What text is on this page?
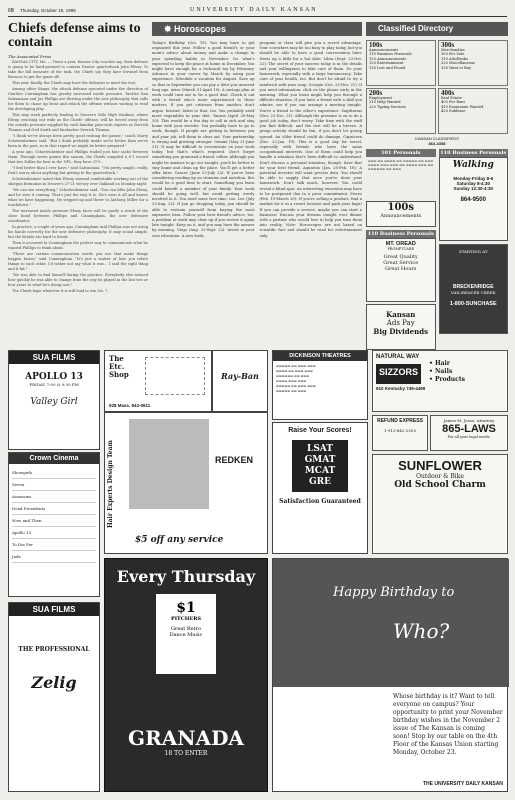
6B Thursday, October 19, 1995	UNIVERSITY DAILY KANSAN
Chiefs defense aims to contain
The Associated Press

KANSAS CITY, Mo. — Twice a year, Kansas City coaches say, their defense is going to be hard-pressed to contain Denver quarterback John Elway. To take the full measure of the task, the Chiefs say they have forward from Broncos to get the game off.

This year, finally, the Chiefs may have the defenses to meet the test.

Among other things, the attack defense sprouted under the direction of Gunther Cunningham has greatly increased inside pressure. Tackles Dan Saleaumua and Joe Phillips are thriving under the new philosophy that calls for them to chase up front and attack the offense without waiting to read the developing play.

This may work perfectly leading to Denver's Mile High Stadium, where Elway, reaching out wide as the Chiefs' offense, will be forced away from the outside pressure supplied by such familiar pass-rush experts as Derrick Thomas and Neil Smith and linebacker Derrick Thomas.

"I think we've always been pretty good rushing the passer," coach Marty Schottenheimer said. "But I think probably inside we're better than we've been in the past, so in that regard we might be better prepared."

A year ago, Schottenheimer and Phillips traded just four sacks between them. Through seven games this season, the Chiefs compiled a 6-1 record that ties Dallas for best in the NFL, they have 21½.

"I feel better than I ever have," said Saleaumua. "I'm pretty simple, really. Don't worry about anything but getting to the quarterback."

Schottenheimer noted that Elway seemed comfortable working out of the shotgun formation in Denver's 27-21 victory over Oakland on Monday night.

"He can see everything," Schottenheimer said. "You can blitz John Elway, and he sees it coming. That's just the way it is. He's seen it all and knows what we have happening. He stepped up and threw to Anthony Miller for a touchdown."

The increased inside pressure Elway faces will be partly a result of the close bond between Phillips and Cunningham, the new defensive coordinator.

In practice, a couple of years ago, Cunningham said Phillips was not using his hands correctly for the new defensive philosophy. It may sound simple, but the details are hard to break.

Then it occurred to Cunningham the perfect way to communicate what he wanted Phillips to think about.

"There are certain communication words you use that make things happen faster," said Cunningham. "It's just a matter of how you relate things to each other. I'd rather not say what it was... I said the right thing and it hit."

"He was able to find himself during the practice. Everybody else noticed how quickly he was able to change from the way he played in the last two or four years to what he's doing now."

The Chiefs hope whatever it is will lead to win No. 7.

✸ Horoscopes
Today's Birthday (Oct. 19): You may have to get organized this year. Follow a good friend's or your mom's advice about money and make a change in your spending habits in November. Do what's expected to keep the peace at home in December. You might have enough for a technical toy by February. Advance in your career by March by using your experience. Schedule a vacation for August. Save up so that in September you can pay a debt you incurred long ago. Aries (March 21-April 19): A savings plan at work could turn out to be a good deal. Check it out with a friend who's more experienced in those matters. If you get criticism from another, don't argue. Instead, listen to that, too. You probably need more vegetables in your diet. Taurus (April 20-May 20): This would be a fun day to call in sick and stay home with your sweetie. You probably have to go to work, though. If people are getting in between you and your job, tell them to clear out. Your partnership is strong and growing stronger. Gemini (May 21-June 21): It may be difficult to concentrate on your work today, but that's what's required. Don't forget something you promised a friend, either. Although you might be anxious to go out tonight, you'd be better to stay home and clean up the place. You'll get a better offer later. Cancer (June 22-July 22): If you're been considering reading up on vitamins and nutrition, this would be a good time to start. Something you learn could benefit a member of your family. Your work should be going well, but avoid getting overly involved in it. You need some free time, too. Leo (July 23-Aug. 22): If you go shopping today, you should be able to restrain yourself from buying the most expensive item. Follow your best friend's advice, too. A problem at work may clear up if you review it again late tonight. Keep on it, and you may have the answer by morning. Virgo (Aug. 23-Sept. 22): Invest in your own education. A new book,
program or class will give you a secret advantage. Your coworkers may be too busy to play today, but you should be able to have a good conversation later. Dress up a little for a hot date. Libra (Sept. 23-Oct. 22): The secret of your success today is in the details and your willingness to take care of them. Do your homework, especially with a large bureaucracy. Take care of your health, too. But don't be afraid to try a sandwich with your soup. Scorpio (Oct. 23-Nov. 21): If you need information, click on the phone early in the morning. What you learn might help you through a difficult situation. If you have a friend with a skill you admire, see if you can arrange a meeting tonight. You're a friend to the other's experience. Sagittarius (Nov. 22-Dec. 21): Although the pressure is on to do a good job today, don't worry. Take time with the stuff you find difficult, and the rest will be a breeze. A group activity should be fun, if you don't let gossip spread. An older friend could do damage. Capricorn (Dec. 22-Jan. 19): This is a good day for travel, especially with friends who have the same occupational interests. One of them could help you handle a situation that's been difficult to understand. Don't discuss a personal situation, though. Save that for your best friend. Aquarius (Jan. 20-Feb. 18): A potential investor will want precise data. You should be able to supply that once you've done your homework. Don't talk much, however. You could reveal a blind spot. An interesting excursion may have to be postponed due to a prior commitment. Pisces (Feb. 19-March 20): If you're selling a product, find a market for it in a resort location and pack your bags! If you can provide a service, maybe you can start a business! Discuss your dreams tonight over dinner with a partner who would love to help you turn them into reality. Note: Horoscopes are not based on scientific fact and should be read for entertainment only.
Classified Directory
100s
Announcements
110 Business Personals
120 Announcements
125 Entertainment
130 Lost and Found
300s
Merchandise
305 For Sale
310 Ads/Books
320 Miscellaneous
330 Want to Buy
200s
Employment
210 Help Wanted
220 Typing Services
400s
Real Estate
405 For Rent
410 Roommate Wanted
420 Sublease
KANSAN CLASSIFIEDS
864-4358
101 Personals
▬▬▬ ▬▬ ▬▬▬▬ ▬▬ ▬▬▬▬▬ ▬▬ ▬▬▬ ▬▬▬▬ ▬▬▬ ▬▬▬ ▬▬ ▬▬▬▬ ▬▬▬ ▬▬ ▬▬▬▬▬▬ ▬▬ ▬▬▬
100s
Announcements
110 Business Personals
MT. OREAD
PROMPTCARE
Great Quality
Great Service
Great Hours
Kansan
Ads Pay
Big Dividends
110 Business Personals
Walking
Monday-Friday 8-6
Saturday 8-4:30
Sunday 12:30-4:30
864-9500
STARTING AT
BRECKENRIDGE
VAIL/BEAVER CREEK
1-800-SUNCHASE
SUA FILMS
APOLLO 13
FRIDAY 7:00 & 9:30 PM
Valley Girl
Crown Cinema
Showgirls
Seven
Assassins
Dead Presidents
Now and Then
Apollo 13
To Die For
Jade
SUA FILMS
THE PROFESSIONAL
Zelig
The
Etc.
Shop
928 Mass. 843-0611
Ray-Ban
Hair Experts Design Team	REDKEN
$5 off any service
Every Thursday
$1
PITCHERS
Great Retro
Dance Music
GRANADA
18 TO ENTER
DICKINSON THEATRES
▬▬▬▬▬ ▬▬ ▬▬▬ ▬▬▬
▬▬▬▬ ▬▬ ▬▬▬ ▬▬▬
▬▬▬▬▬▬ ▬▬ ▬▬▬
▬▬▬▬ ▬▬▬ ▬▬▬
▬▬▬▬▬ ▬▬ ▬▬▬ ▬▬▬
▬▬▬▬▬ ▬▬ ▬▬▬
Raise Your Scores!
LSAT
GMAT
MCAT
GRE
Satisfaction Guaranteed
NATURAL WAY
SIZZORS
• Hair
• Nails
• Products
910 Kentucky 749-4499
REFUND EXPRESS
1-913-842-2555
James M. Jesse, Attorney
865-LAWS
For all your legal needs.
SUNFLOWER
Outdoor & Bike
Old School Charm
Happy Birthday to
Who?
Whose birthday is it? Want to tell everyone on campus? Your opportunity to print your November birthday wishes in the November 2 issue of The Kansan is coming soon! Stop by our table on the 4th Floor of the Kansas Union starting Monday, October 23.
THE UNIVERSITY DAILY KANSAN
